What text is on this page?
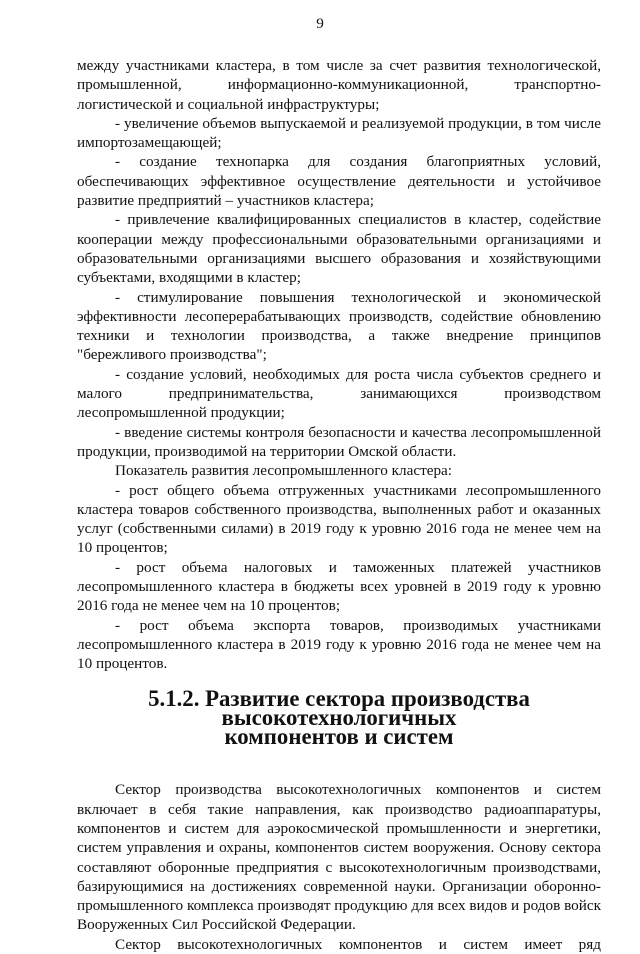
9

между участниками кластера, в том числе за счет развития технологической, промышленной, информационно-коммуникационной, транспортно-логистической и социальной инфраструктуры;

- увеличение объемов выпускаемой и реализуемой продукции, в том числе импортозамещающей;

- создание технопарка для создания благоприятных условий, обеспечивающих эффективное осуществление деятельности и устойчивое развитие предприятий – участников кластера;

- привлечение квалифицированных специалистов в кластер, содействие кооперации между профессиональными образовательными организациями и образовательными организациями высшего образования и хозяйствующими субъектами, входящими в кластер;

- стимулирование повышения технологической и экономической эффективности лесоперерабатывающих производств, содействие обновлению техники и технологии производства, а также внедрение принципов "бережливого производства";

- создание условий, необходимых для роста числа субъектов среднего и малого предпринимательства, занимающихся производством лесопромышленной продукции;

- введение системы контроля безопасности и качества лесопромышленной продукции, производимой на территории Омской области.

Показатель развития лесопромышленного кластера:

- рост общего объема отгруженных участниками лесопромышленного кластера товаров собственного производства, выполненных работ и оказанных услуг (собственными силами) в 2019 году к уровню 2016 года не менее чем на 10 процентов;

- рост объема налоговых и таможенных платежей участников лесопромышленного кластера в бюджеты всех уровней в 2019 году к уровню 2016 года не менее чем на 10 процентов;

- рост объема экспорта товаров, производимых участниками лесопромышленного кластера в 2019 году к уровню 2016 года не менее чем на 10 процентов.

5.1.2. Развитие сектора производства высокотехнологичных
компонентов и систем

Сектор производства высокотехнологичных компонентов и систем включает в себя такие направления, как производство радиоаппаратуры, компонентов и систем для аэрокосмической промышленности и энергетики, систем управления и охраны, компонентов систем вооружения. Основу сектора составляют оборонные предприятия с высокотехнологичным производствами, базирующимися на достижениях современной науки. Организации оборонно-промышленного комплекса производят продукцию для всех видов и родов войск Вооруженных Сил Российской Федерации.

Сектор высокотехнологичных компонентов и систем имеет ряд
